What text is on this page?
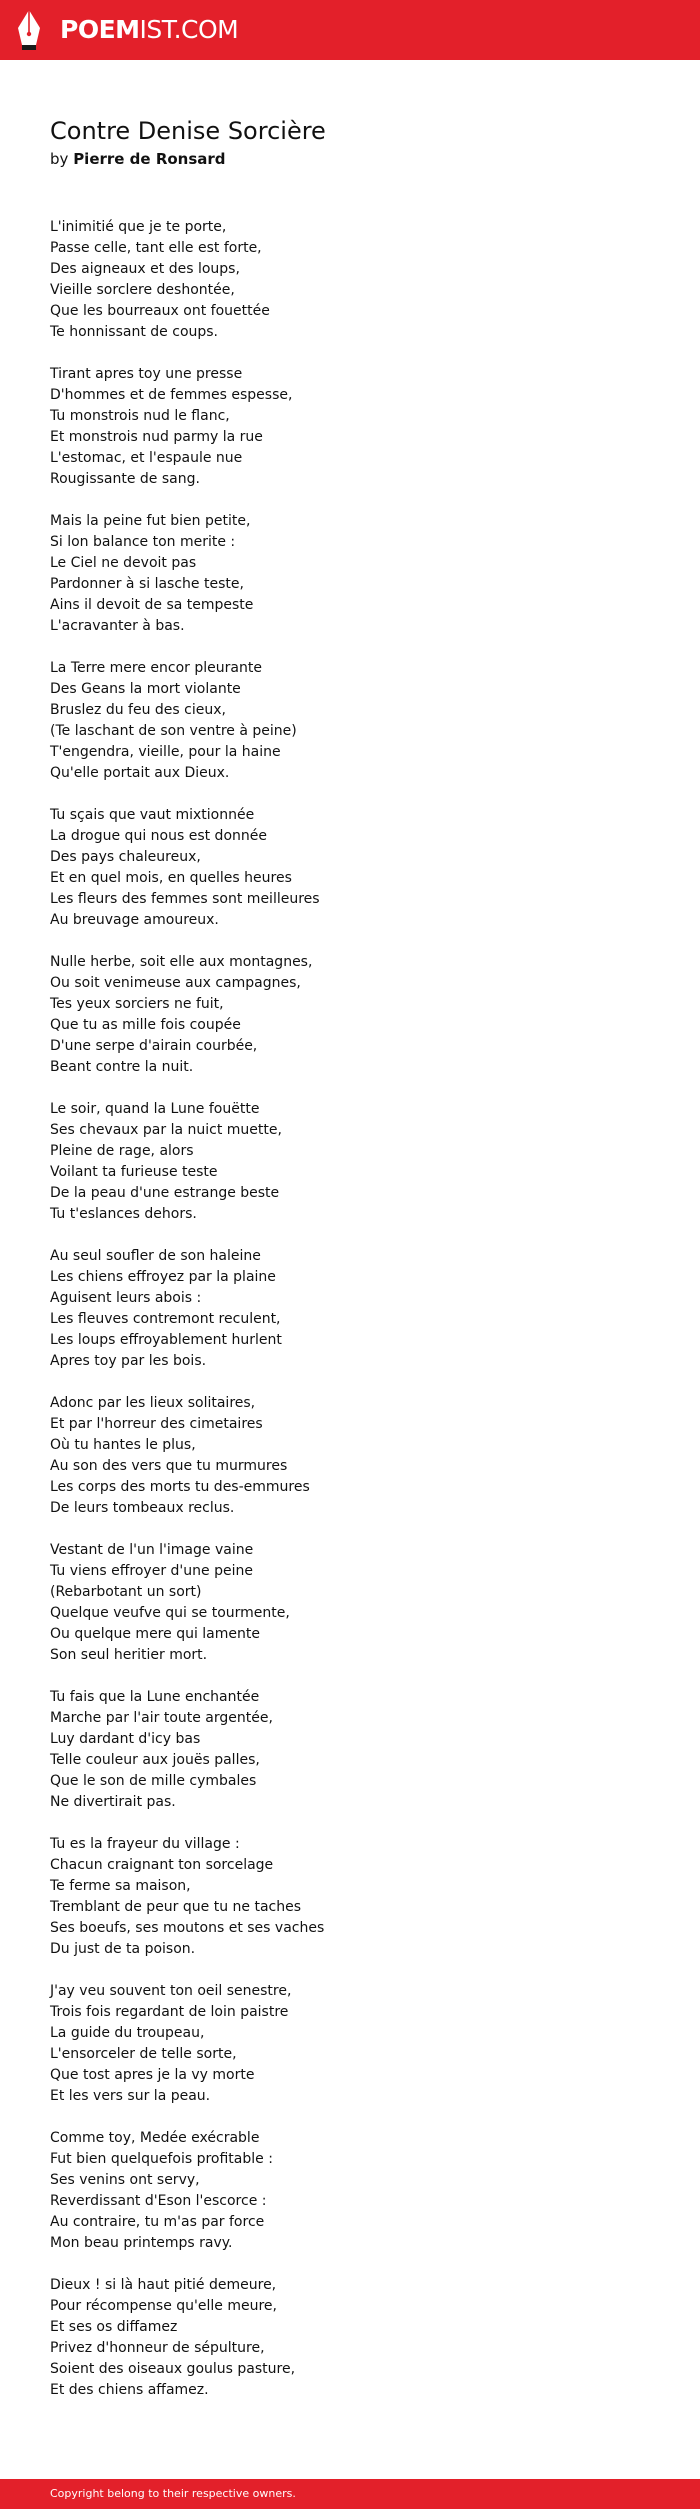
POEMIST.COM
Contre Denise Sorcière
by Pierre de Ronsard
L'inimitié que je te porte,
Passe celle, tant elle est forte,
Des aigneaux et des loups,
Vieille sorclere deshontée,
Que les bourreaux ont fouettée
Te honnissant de coups.
Tirant apres toy une presse
D'hommes et de femmes espesse,
Tu monstrois nud le flanc,
Et monstrois nud parmy la rue
L'estomac, et l'espaule nue
Rougissante de sang.
Mais la peine fut bien petite,
Si lon balance ton merite :
Le Ciel ne devoit pas
Pardonner à si lasche teste,
Ains il devoit de sa tempeste
L'acravanter à bas.
La Terre mere encor pleurante
Des Geans la mort violante
Bruslez du feu des cieux,
(Te laschant de son ventre à peine)
T'engendra, vieille, pour la haine
Qu'elle portait aux Dieux.
Tu sçais que vaut mixtionnée
La drogue qui nous est donnée
Des pays chaleureux,
Et en quel mois, en quelles heures
Les fleurs des femmes sont meilleures
Au breuvage amoureux.
Nulle herbe, soit elle aux montagnes,
Ou soit venimeuse aux campagnes,
Tes yeux sorciers ne fuit,
Que tu as mille fois coupée
D'une serpe d'airain courbée,
Beant contre la nuit.
Le soir, quand la Lune fouëtte
Ses chevaux par la nuict muette,
Pleine de rage, alors
Voilant ta furieuse teste
De la peau d'une estrange beste
Tu t'eslances dehors.
Au seul soufler de son haleine
Les chiens effroyez par la plaine
Aguisent leurs abois :
Les fleuves contremont reculent,
Les loups effroyablement hurlent
Apres toy par les bois.
Adonc par les lieux solitaires,
Et par l'horreur des cimetaires
Où tu hantes le plus,
Au son des vers que tu murmures
Les corps des morts tu des-emmures
De leurs tombeaux reclus.
Vestant de l'un l'image vaine
Tu viens effroyer d'une peine
(Rebarbotant un sort)
Quelque veufve qui se tourmente,
Ou quelque mere qui lamente
Son seul heritier mort.
Tu fais que la Lune enchantée
Marche par l'air toute argentée,
Luy dardant d'icy bas
Telle couleur aux jouës palles,
Que le son de mille cymbales
Ne divertirait pas.
Tu es la frayeur du village :
Chacun craignant ton sorcelage
Te ferme sa maison,
Tremblant de peur que tu ne taches
Ses boeufs, ses moutons et ses vaches
Du just de ta poison.
J'ay veu souvent ton oeil senestre,
Trois fois regardant de loin paistre
La guide du troupeau,
L'ensorceler de telle sorte,
Que tost apres je la vy morte
Et les vers sur la peau.
Comme toy, Medée exécrable
Fut bien quelquefois profitable :
Ses venins ont servy,
Reverdissant d'Eson l'escorce :
Au contraire, tu m'as par force
Mon beau printemps ravy.
Dieux ! si là haut pitié demeure,
Pour récompense qu'elle meure,
Et ses os diffamez
Privez d'honneur de sépulture,
Soient des oiseaux goulus pasture,
Et des chiens affamez.
Copyright belong to their respective owners.
